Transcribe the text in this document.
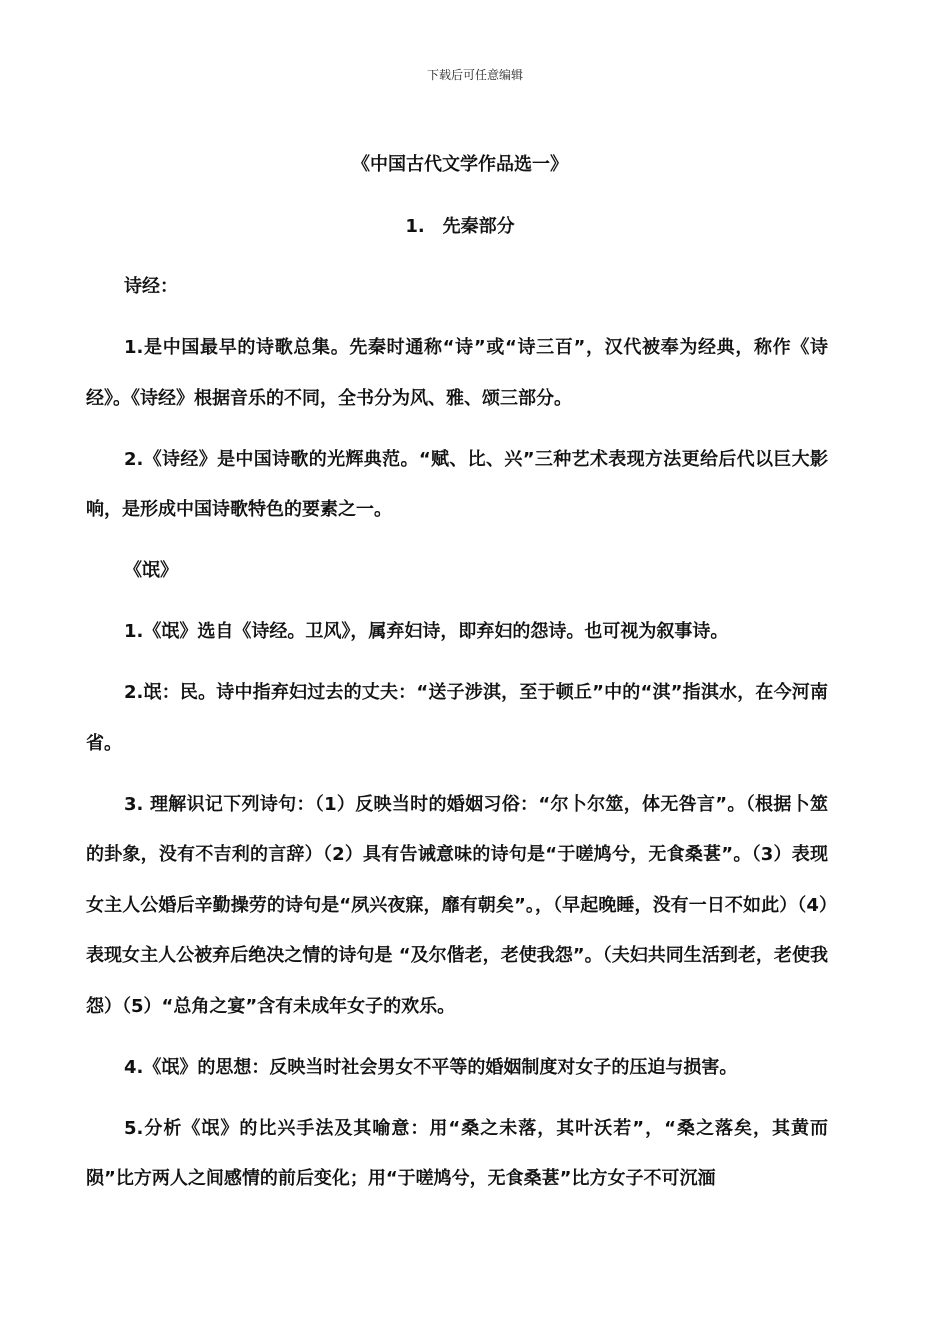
下载后可任意编辑
《中国古代文学作品选一》
1.　先秦部分

诗经：

1.是中国最早的诗歌总集。先秦时通称“诗”或“诗三百”，汉代被奉为经典，称作《诗经》。《诗经》根据音乐的不同，全书分为风、雅、颂三部分。

2.《诗经》是中国诗歌的光辉典范。“赋、比、兴”三种艺术表现方法更给后代以巨大影响，是形成中国诗歌特色的要素之一。

《氓》

1.《氓》选自《诗经。卫风》，属弃妇诗，即弃妇的怨诗。也可视为叙事诗。

2.氓：民。诗中指弃妇过去的丈夫：“送子涉淇，至于顿丘”中的“淇”指淇水，在今河南省。

3. 理解识记下列诗句：（1）反映当时的婚姻习俗：“尔卜尔筮，体无咎言”。（根据卜筮的卦象，没有不吉利的言辞）（2）具有告诫意味的诗句是“于嗟鸠兮，无食桑葚”。（3）表现女主人公婚后辛勤操劳的诗句是“夙兴夜寐，靡有朝矣”。，（早起晚睡，没有一日不如此）（4）表现女主人公被弃后绝决之情的诗句是 “及尔偕老，老使我怨”。（夫妇共同生活到老，老使我怨）（5）“总角之宴”含有未成年女子的欢乐。

4.《氓》的思想：反映当时社会男女不平等的婚姻制度对女子的压迫与损害。

5.分析《氓》的比兴手法及其喻意：用“桑之未落，其叶沃若”，“桑之落矣，其黄而陨”比方两人之间感情的前后变化；用“于嗟鸠兮，无食桑葚”比方女子不可沉湎
